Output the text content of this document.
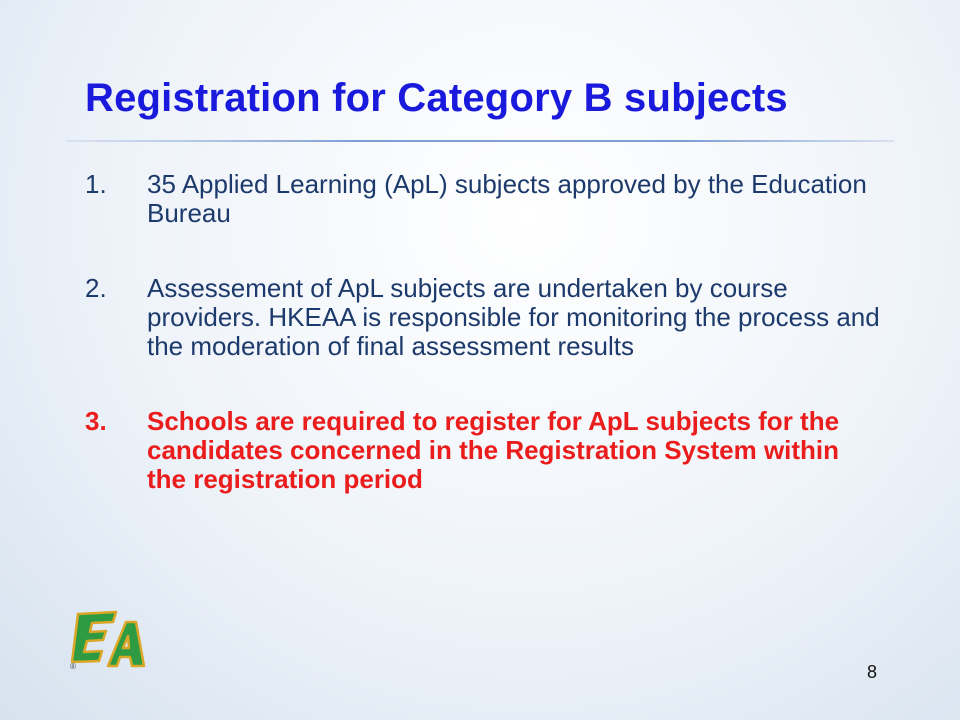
Registration for Category B subjects
1.	35 Applied Learning (ApL) subjects approved by the Education Bureau
2.	Assessement of ApL subjects are undertaken by course providers. HKEAA is responsible for monitoring the process and the moderation of final assessment results
3.	Schools are required to register for ApL subjects for the candidates concerned in the Registration System within the registration period
®	8
